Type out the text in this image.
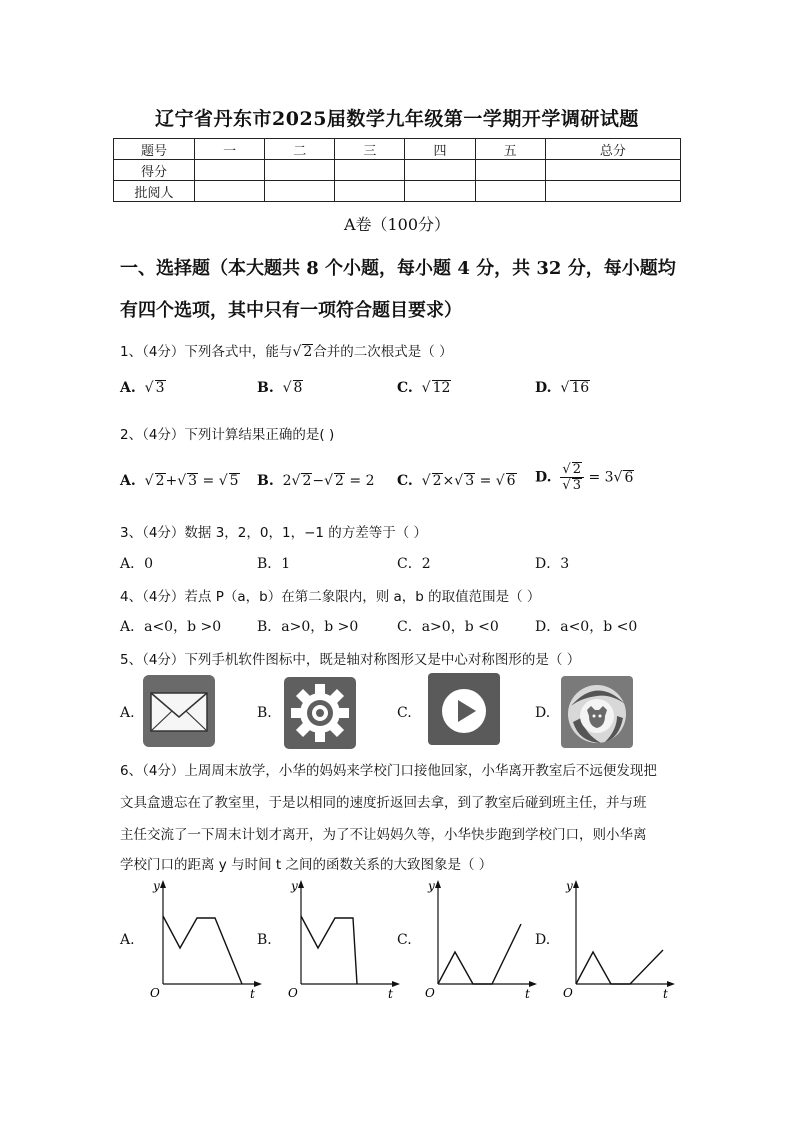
辽宁省丹东市2025届数学九年级第一学期开学调研试题
题号	一	二	三	四	五	总分
得分						
批阅人						
A卷（100分）
一、选择题（本大题共 8 个小题，每小题 4 分，共 32 分，每小题均
有四个选项，其中只有一项符合题目要求）
1、（4分）下列各式中，能与√ 2合并的二次根式是（ ）
A.  √ 3	B.  √ 8	C.  √ 12	D.  √ 16
2、（4分）下列计算结果正确的是( )
A.  √ 2+√ 3 = √ 5 B. 2√ 2−√ 2 = 2 C.  √ 2×√ 3 = √ 6 D. $\frac{√ 2}{√ 3} = 3√$ 6
3、（4分）数据 3，2，0，1，−1 的方差等于（ ）
A．0	B．1	C．2	D．3
4、（4分）若点 P（a，b）在第二象限内，则 a，b 的取值范围是（ ）
A．a<0，b >0	B．a>0，b >0	C．a>0，b <0	D．a<0，b <0
5、（4分）下列手机软件图标中，既是轴对称图形又是中心对称图形的是（ ）
A.	B.	C.	D.
6、（4分）上周周末放学，小华的妈妈来学校门口接他回家，小华离开教室后不远便发现把
文具盒遗忘在了教室里，于是以相同的速度折返回去拿，到了教室后碰到班主任，并与班
主任交流了一下周末计划才离开，为了不让妈妈久等，小华快步跑到学校门口，则小华离
学校门口的距离 y 与时间 t 之间的函数关系的大致图象是（ ）
A.
y
t
O
B.
y
t
O
C.
y
t
O
D.
y
t
O
